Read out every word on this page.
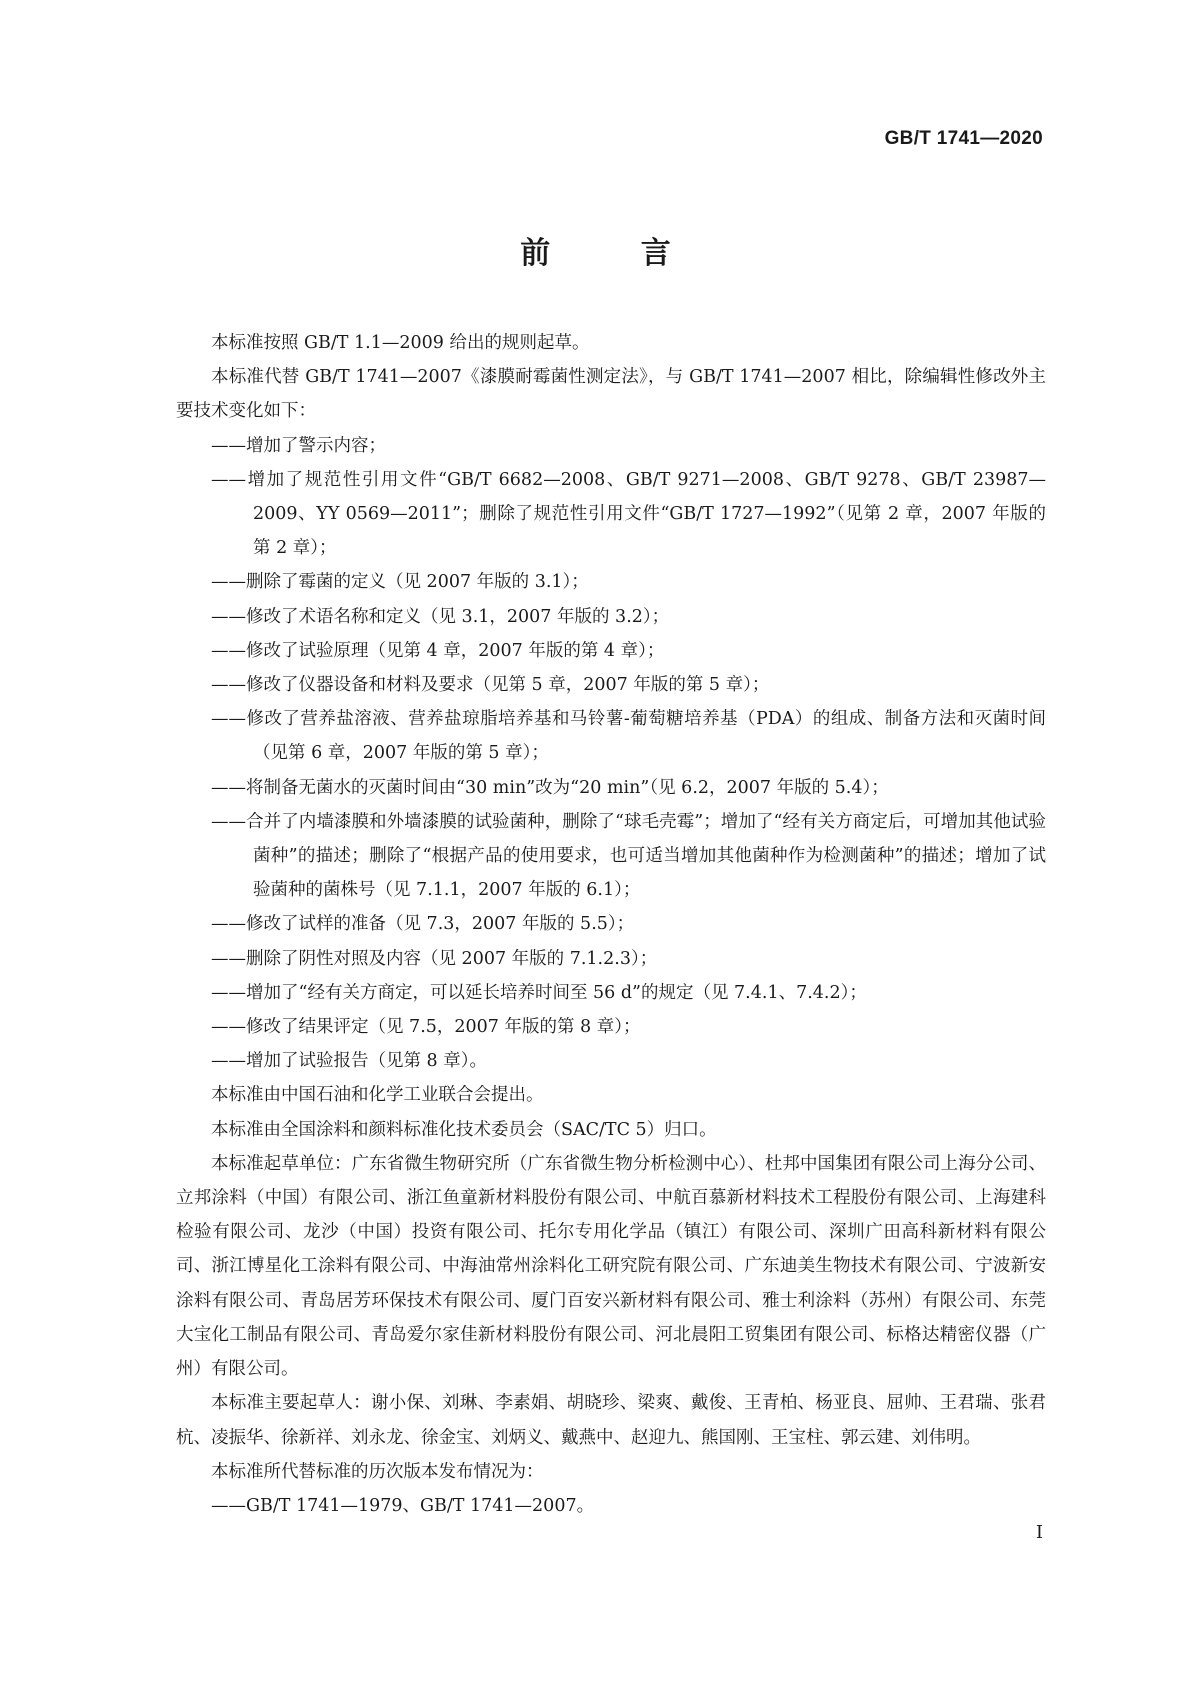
GB/T 1741—2020
前 言

本标准按照 GB/T 1.1—2009 给出的规则起草。

本标准代替 GB/T 1741—2007《漆膜耐霉菌性测定法》，与 GB/T 1741—2007 相比，除编辑性修改外主要技术变化如下：

——增加了警示内容；

——增加了规范性引用文件“GB/T 6682—2008、GB/T 9271—2008、GB/T 9278、GB/T 23987—2009、YY 0569—2011”；删除了规范性引用文件“GB/T 1727—1992”（见第 2 章，2007 年版的第 2 章）；

——删除了霉菌的定义（见 2007 年版的 3.1）；

——修改了术语名称和定义（见 3.1，2007 年版的 3.2）；

——修改了试验原理（见第 4 章，2007 年版的第 4 章）；

——修改了仪器设备和材料及要求（见第 5 章，2007 年版的第 5 章）；

——修改了营养盐溶液、营养盐琼脂培养基和马铃薯-葡萄糖培养基（PDA）的组成、制备方法和灭菌时间（见第 6 章，2007 年版的第 5 章）；

——将制备无菌水的灭菌时间由“30 min”改为“20 min”（见 6.2，2007 年版的 5.4）；

——合并了内墙漆膜和外墙漆膜的试验菌种，删除了“球毛壳霉”；增加了“经有关方商定后，可增加其他试验菌种”的描述；删除了“根据产品的使用要求，也可适当增加其他菌种作为检测菌种”的描述；增加了试验菌种的菌株号（见 7.1.1，2007 年版的 6.1）；

——修改了试样的准备（见 7.3，2007 年版的 5.5）；

——删除了阴性对照及内容（见 2007 年版的 7.1.2.3）；

——增加了“经有关方商定，可以延长培养时间至 56 d”的规定（见 7.4.1、7.4.2）；

——修改了结果评定（见 7.5，2007 年版的第 8 章）；

——增加了试验报告（见第 8 章）。

本标准由中国石油和化学工业联合会提出。

本标准由全国涂料和颜料标准化技术委员会（SAC/TC 5）归口。

本标准起草单位：广东省微生物研究所（广东省微生物分析检测中心）、杜邦中国集团有限公司上海分公司、立邦涂料（中国）有限公司、浙江鱼童新材料股份有限公司、中航百慕新材料技术工程股份有限公司、上海建科检验有限公司、龙沙（中国）投资有限公司、托尔专用化学品（镇江）有限公司、深圳广田高科新材料有限公司、浙江博星化工涂料有限公司、中海油常州涂料化工研究院有限公司、广东迪美生物技术有限公司、宁波新安涂料有限公司、青岛居芳环保技术有限公司、厦门百安兴新材料有限公司、雅士利涂料（苏州）有限公司、东莞大宝化工制品有限公司、青岛爱尔家佳新材料股份有限公司、河北晨阳工贸集团有限公司、标格达精密仪器（广州）有限公司。

本标准主要起草人：谢小保、刘琳、李素娟、胡晓珍、梁爽、戴俊、王青柏、杨亚良、屈帅、王君瑞、张君杭、凌振华、徐新祥、刘永龙、徐金宝、刘炳义、戴燕中、赵迎九、熊国刚、王宝柱、郭云建、刘伟明。

本标准所代替标准的历次版本发布情况为：

——GB/T 1741—1979、GB/T 1741—2007。

I
